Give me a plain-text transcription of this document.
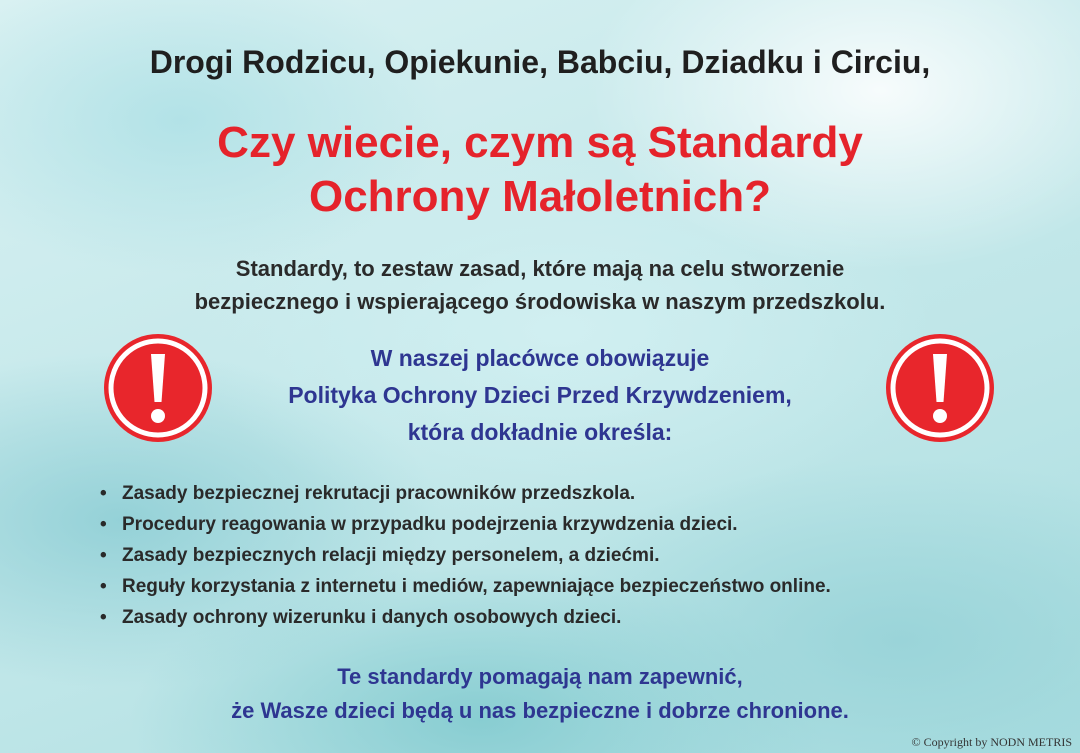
Drogi Rodzicu, Opiekunie, Babciu, Dziadku i Circiu,

Czy wiecie, czym są Standardy
Ochrony Małoletnich?

Standardy, to zestaw zasad, które mają na celu stworzenie
bezpiecznego i wspierającego środowiska w naszym przedszkolu.

W naszej placówce obowiązuje
Polityka Ochrony Dzieci Przed Krzywdzeniem,
która dokładnie określa:

• Zasady bezpiecznej rekrutacji pracowników przedszkola.
• Procedury reagowania w przypadku podejrzenia krzywdzenia dzieci.
• Zasady bezpiecznych relacji między personelem, a dziećmi.
• Reguły korzystania z internetu i mediów, zapewniające bezpieczeństwo online.
• Zasady ochrony wizerunku i danych osobowych dzieci.

Te standardy pomagają nam zapewnić,
że Wasze dzieci będą u nas bezpieczne i dobrze chronione.

© Copyright by NODN METRIS
